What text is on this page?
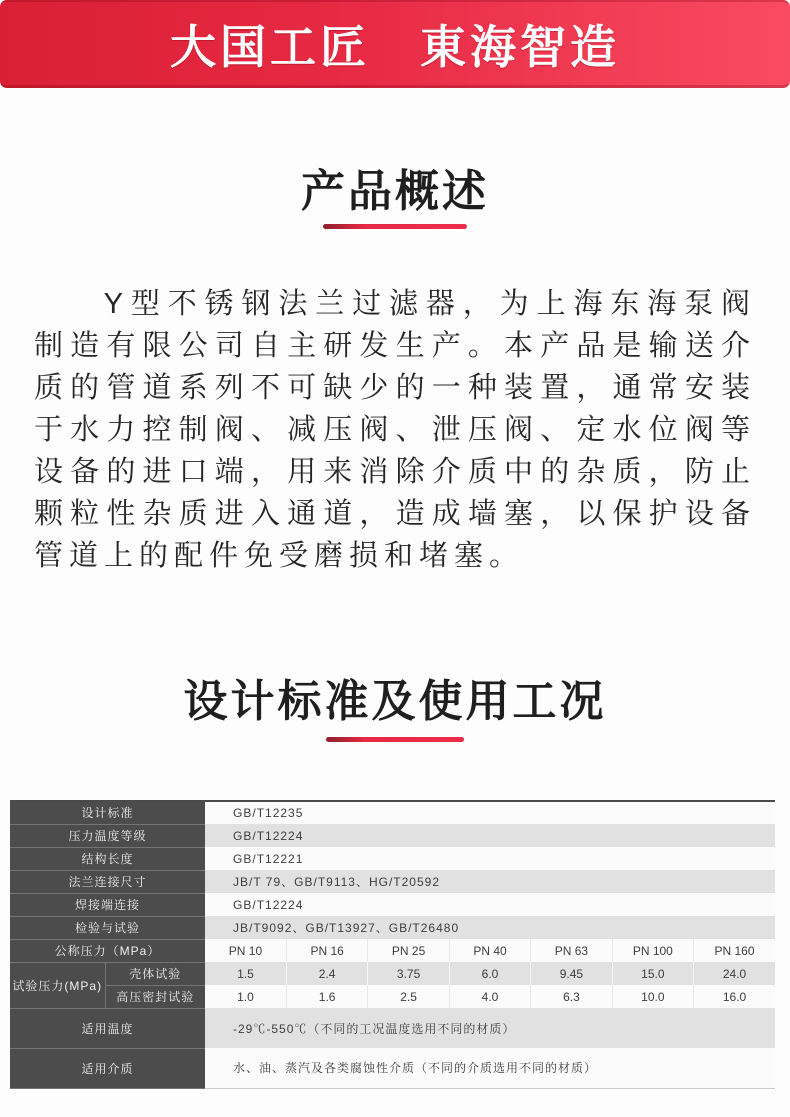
大国工匠　東海智造
产品概述

Y型不锈钢法兰过滤器，为上海东海泵阀制造有限公司自主研发生产。本产品是输送介质的管道系列不可缺少的一种装置，通常安装于水力控制阀、减压阀、泄压阀、定水位阀等设备的进口端，用来消除介质中的杂质，防止颗粒性杂质进入通道，造成墙塞，以保护设备管道上的配件免受磨损和堵塞。

设计标准及使用工况
设计标准		GB/T12235						
压力温度等级		GB/T12224						
结构长度		GB/T12221						
法兰连接尺寸		JB/T 79、GB/T9113、HG/T20592						
焊接端连接		GB/T12224						
检验与试验		JB/T9092、GB/T13927、GB/T26480						
公称压力（MPa）		PN 10	PN 16	PN 25	PN 40	PN 63	PN 100	PN 160
试验压力(MPa)	壳体试验	1.5	2.4	3.75	6.0	9.45	15.0	24.0
	高压密封试验	1.0	1.6	2.5	4.0	6.3	10.0	16.0
适用温度		-29℃-550℃（不同的工况温度选用不同的材质）						
适用介质		水、油、蒸汽及各类腐蚀性介质（不同的介质选用不同的材质）						
